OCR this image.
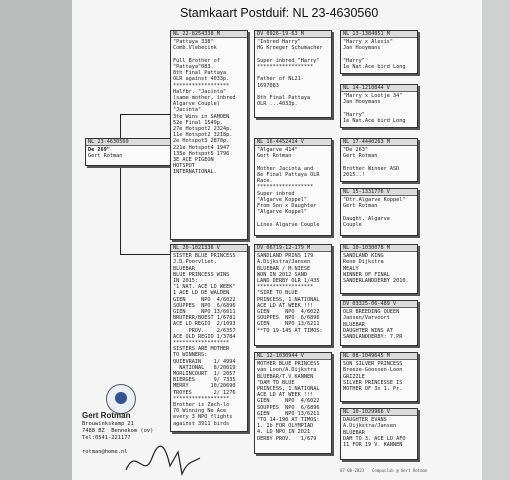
Stamkaart Postduif: NL 23-4630560
NL 23-4630560
De 269"
Gert Rotman
NL 22-8254338 M
"Pattaya 338"
Comb.Vlebecink

Full Brother of
"Pattaya"083.
8th Final Pattaya
OLR against 4033p.
******************
Halfbr. "Jacinta"
(same mother, inbred
Algarve Couple)
"Jacinta"
3te Wins in SAMOEN
52e Final 1549p.
27e Hotspot2 2324p.
11e Hotspot2 3218p.
2e Hotspot3 2870p.
221e Hotspot4 1947
135e Hotspot5 1796
3E ACE PIGEON
HOTSPOT
INTERNATIONAL.
NL 20-1021336 V
SISTER BLUE PRINCESS
J.D.Poorvliet.
BLUEBAR
BLUE PRINCESS WINS
IN 2015:
"1 NAT. ACE LD WEEK"
1 ACE LD DE WALDEN
GIEN     NPO  4/6022
SOUPPES  NPO  6/6896
GIEN     NPO 13/6011
BRUTERR/BOEST 1/6781
ACE LD REGIO  2/1093
PROV.    2/6357
ACE OLD REGIO 1/3784
******************
SISTERS ARE MOTHER
TO WINNERS:
QUIEVRAIN    1/ 4994
NATIONAL   8/20019
MORLINCOURT  1/ 2057
BIERGES      9/ 7335
MERRY       10/20690
TROYES       2/ 1276
******************
Brother is Zach-lo
70 Winning Ne Ace
every 3 NPO flights
against 3911 birds
DV 0926-19-63 M
"Inbred Harry"
HG Kroeger Schumacher

Super inbred "Harry"
******************

Father of NL21-
1697083

8th Final Pattaya
OLR ...4033p.
NL 16-4452414 V
"Algarve 414"
Gert Rotman

Mother Jacinta and
8e Final Pattaya OLR
Race.
******************
Super inbred
"Algarve Koppel"
From Son x Daughter
"Algarve Koppel"

Lines Algarve Couple
DV 06719-12-179 M
SANDLAND PRINS 179
A.Dijkstra/Jansen
BLUEBAR / M.NIESE
WON IN 2012 SAND
LAND DERBY OLR 1/435
******************
"SIRE TO BLUE
PRINCESS, 1.NATIONAL
ACE LD AT WEEK !!!
GIEN     NPO  4/6022
SOUPPES  NPO  6/6896
GIEN     NPO 13/6211
**TO 19-145 AT TIMOS:
NL 12-1030944 V
MOTHER BLUE PRINCESS
van Loon/A.Dijkstra
BLUEBAR/T.V.KANNEN
"DAM TO BLUE
PRINCESS, 1.NATIONAL
ACE LD AT WEEK !!!
GIEN     NPO  4/6022
SOUPPES  NPO  6/6896
GIEN     NPO 13/6211
"TO 14-190 AT TIMOS:
1. 1b FOR OLYMPIAD
4. LD NPO IN 2021
DERBY PROV.   1/679
NL 13-1384851 M
"Harry x Alexis"
Jan Hooymans

"Harry"
1e Nat.Ace bird Long
NL 14-1210844 V
"Harry x Lootje 34"
Jan Hooymans

"Harry"
1e Nat.Ace bird Long
NL 17-4440263 M
"De 263"
Gert Rotman

Brother Winner ASD
2015..!
NL 15-1331776 V
"Dtr.Algarve Koppel"
Gert Rotman

Daught. Algarve
Couple
NL 10-1030078 M
SANDLAND KING
Rene Dijkstra
MEALY
WINNER OF FINAL
SANDERLANDDERBY 2010.
DV 03325-06-489 V
OLR BREEDING QUEEN
Jansen/Varvoort
BLUEBAR
DAUGHTER WINS AT
SANDLANDDERBY: 7.PR
NL 08-1049645 M
SON SILVER PRINCESS
Breeze-Goossen-Loon
GRIZZLE
SILVER PRINCESSE IS
MOTHER OF 3x 1. Pr.
NL 10-1029966 V
DAUGHTER EVANS
A.Dijkstra/Jansen
BLUEBAR
DAM TO 3. ACE LD AFO
11 FOR 19 V. KANNEN
Gert Rotman

Brouwinkskamp 21
7488 BZ  Bennekom (ov)
Tel:0541-221177

rotman@home.nl
07-08-2023 Compuclub @ Gert Rotman
